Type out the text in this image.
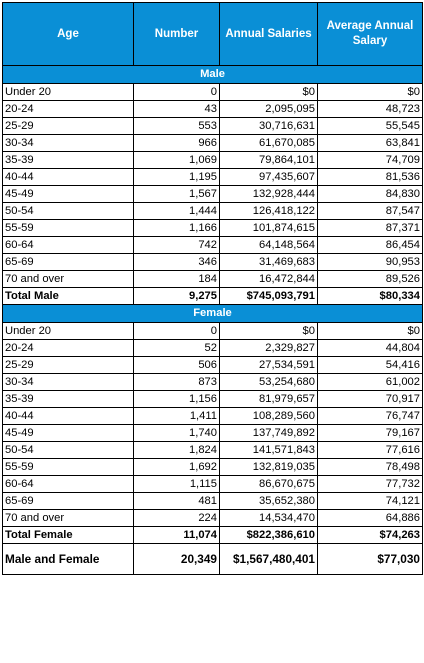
Age	Number	Annual Salaries	Average Annual Salary
Male			
Under 20	0	$0	$0
20-24	43	2,095,095	48,723
25-29	553	30,716,631	55,545
30-34	966	61,670,085	63,841
35-39	1,069	79,864,101	74,709
40-44	1,195	97,435,607	81,536
45-49	1,567	132,928,444	84,830
50-54	1,444	126,418,122	87,547
55-59	1,166	101,874,615	87,371
60-64	742	64,148,564	86,454
65-69	346	31,469,683	90,953
70 and over	184	16,472,844	89,526
Total Male	9,275	$745,093,791	$80,334
Female			
Under 20	0	$0	$0
20-24	52	2,329,827	44,804
25-29	506	27,534,591	54,416
30-34	873	53,254,680	61,002
35-39	1,156	81,979,657	70,917
40-44	1,411	108,289,560	76,747
45-49	1,740	137,749,892	79,167
50-54	1,824	141,571,843	77,616
55-59	1,692	132,819,035	78,498
60-64	1,115	86,670,675	77,732
65-69	481	35,652,380	74,121
70 and over	224	14,534,470	64,886
Total Female	11,074	$822,386,610	$74,263
Male and Female	20,349	$1,567,480,401	$77,030
